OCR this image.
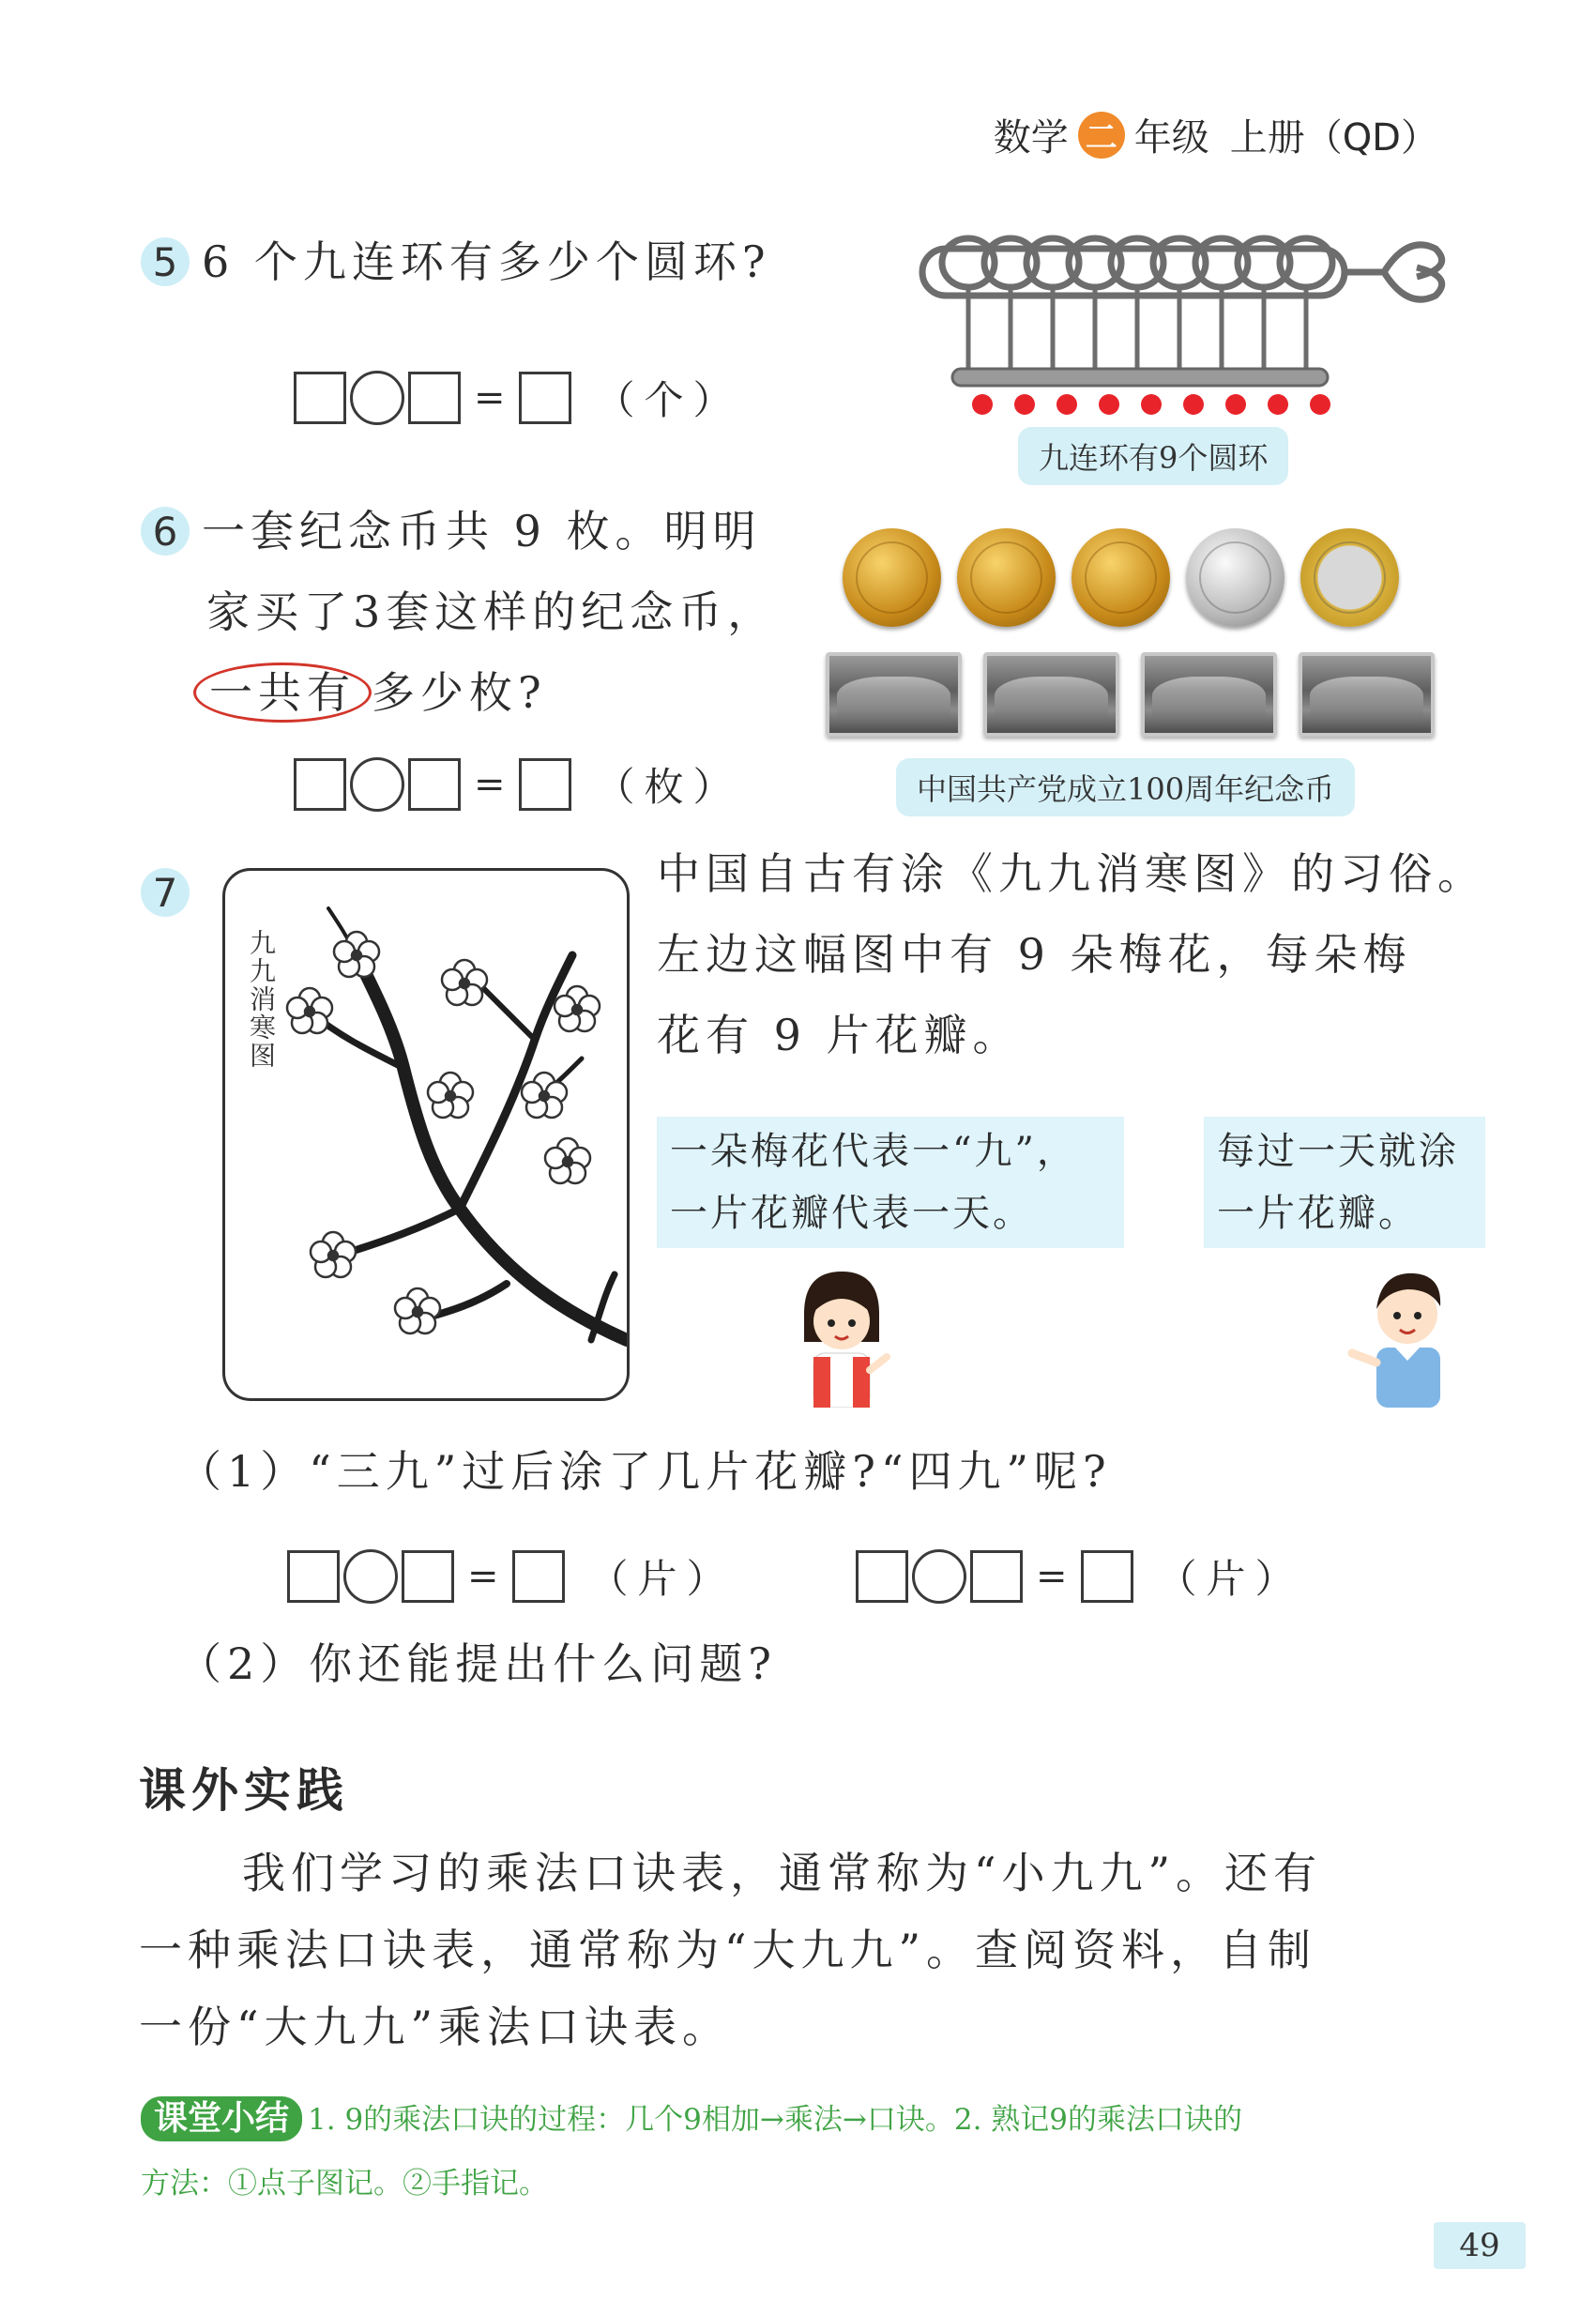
数学 二 年级 上册（QD）
5 6 个九连环有多少个圆环?
= （个）
九连环有9个圆环
6 一套纪念币共 9 枚。明明
家买了3套这样的纪念币，
一共有 多少枚?
= （枚）	中国共产党成立100周年纪念币
7
九九消寒图
中国自古有涂《九九消寒图》的习俗。
左边这幅图中有 9 朵梅花，每朵梅
花有 9 片花瓣。
一朵梅花代表一“九”，
一片花瓣代表一天。
每过一天就涂
一片花瓣。
（1）“三九”过后涂了几片花瓣?“四九”呢?
= （片）	= （片）
（2）你还能提出什么问题?
课外实践
我们学习的乘法口诀表，通常称为“小九九”。还有
一种乘法口诀表，通常称为“大九九”。查阅资料，自制
一份“大九九”乘法口诀表。
课堂小结 1. 9的乘法口诀的过程：几个9相加→乘法→口诀。2. 熟记9的乘法口诀的
方法：①点子图记。②手指记。
49
